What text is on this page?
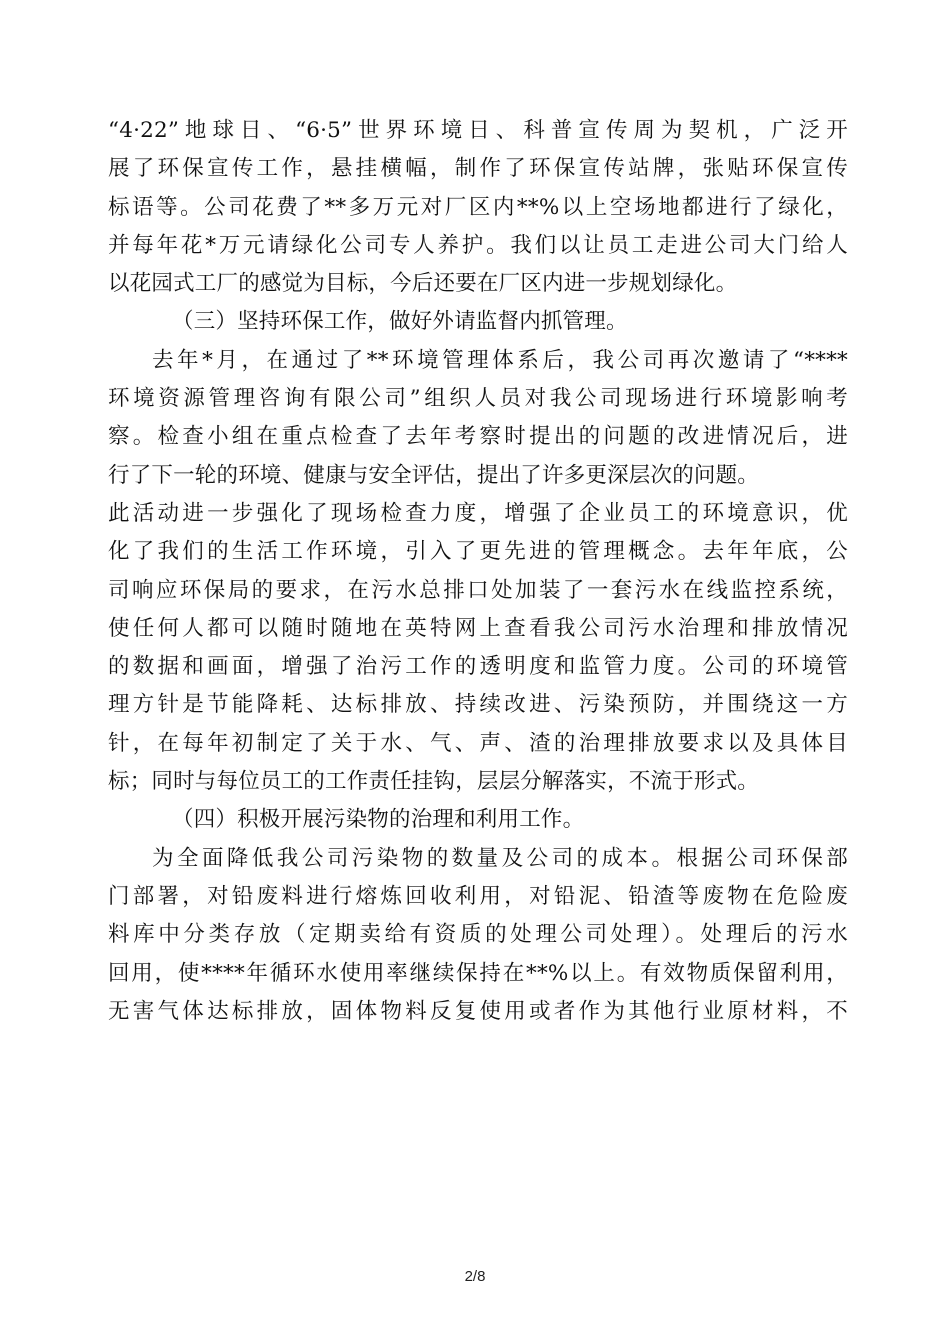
“4·22”地球日、“6·5”世界环境日、科普宣传周为契机，广泛开
展了环保宣传工作，悬挂横幅，制作了环保宣传站牌，张贴环保宣传
标语等。公司花费了**多万元对厂区内**%以上空场地都进行了绿化，
并每年花*万元请绿化公司专人养护。我们以让员工走进公司大门给人
以花园式工厂的感觉为目标，今后还要在厂区内进一步规划绿化。
（三）坚持环保工作，做好外请监督内抓管理。
去年*月，在通过了**环境管理体系后，我公司再次邀请了“****
环境资源管理咨询有限公司”组织人员对我公司现场进行环境影响考
察。检查小组在重点检查了去年考察时提出的问题的改进情况后，进
行了下一轮的环境、健康与安全评估，提出了许多更深层次的问题。
此活动进一步强化了现场检查力度，增强了企业员工的环境意识，优
化了我们的生活工作环境，引入了更先进的管理概念。去年年底，公
司响应环保局的要求，在污水总排口处加装了一套污水在线监控系统，
使任何人都可以随时随地在英特网上查看我公司污水治理和排放情况
的数据和画面，增强了治污工作的透明度和监管力度。公司的环境管
理方针是节能降耗、达标排放、持续改进、污染预防，并围绕这一方
针，在每年初制定了关于水、气、声、渣的治理排放要求以及具体目
标；同时与每位员工的工作责任挂钩，层层分解落实，不流于形式。
（四）积极开展污染物的治理和利用工作。
为全面降低我公司污染物的数量及公司的成本。根据公司环保部
门部署，对铅废料进行熔炼回收利用，对铅泥、铅渣等废物在危险废
料库中分类存放（定期卖给有资质的处理公司处理）。处理后的污水
回用，使****年循环水使用率继续保持在**%以上。有效物质保留利用，
无害气体达标排放，固体物料反复使用或者作为其他行业原材料，不
2/8
